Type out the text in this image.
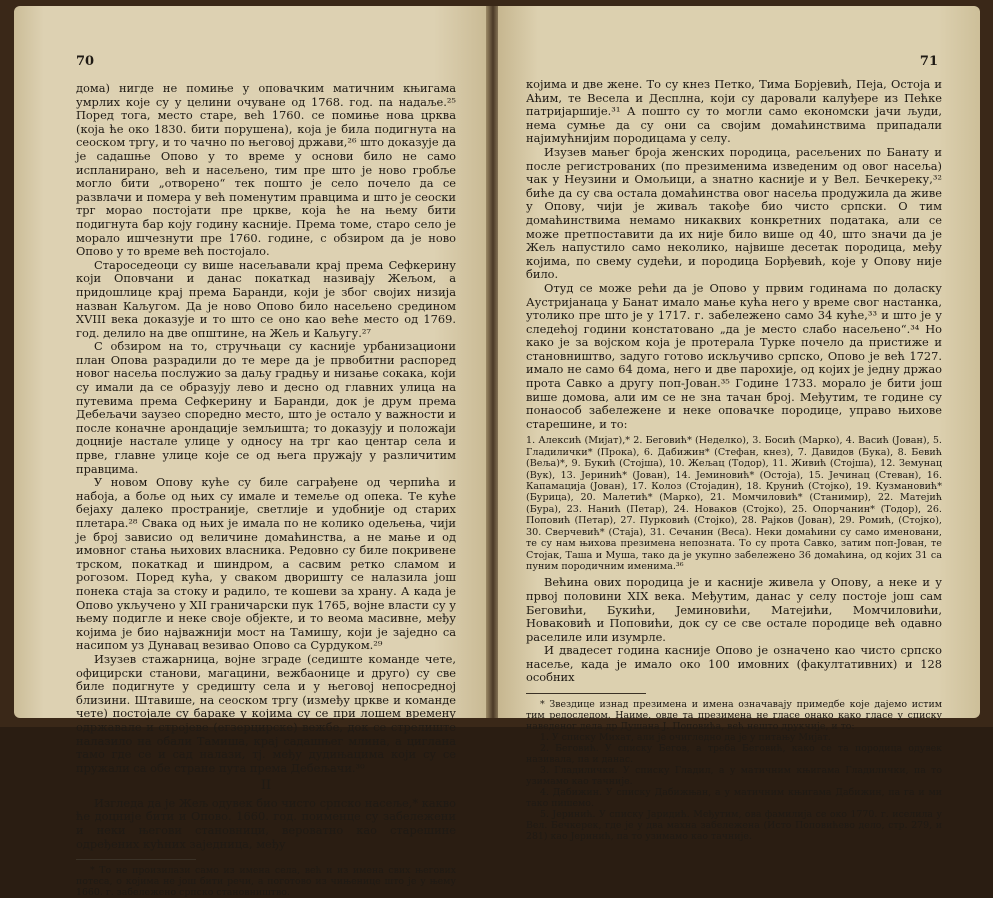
70

дома) нигде не помиње у оповачким матичним књигама умрлих које су у целини очуване од 1768. год. па надаље.²⁵ Поред тога, место старе, веh 1760. се помиње нова црква (која ће око 1830. бити порушена), која је била подигнута на сеоском тргу, и то чачно по његовој држави,²⁶ што доказује да је садашње Опово у то време у основи било не само испланирано, веh и насељено, тим пре што је ново гробље могло бити „отворено“ тек пошто је село почело да се развлачи и помера у већ поменутим правцима и што је сеоски трг морао постојати пре цркве, која ће на њему бити подигнута бар коју годину касније. Према томе, старо село је морало ишчезнути пре 1760. године, с обзиром да је ново Опово у то време већ постојало.

Староседеоци су више насељавали крај према Сефкерину који Оповчани и данас покаткад називају Жељом, а придошлице крај према Баранди, који је због својих низија назван Каљугом. Да је ново Опово било насељено средином XVIII века доказује и то што се оно као веће место од 1769. год. делило на две општине, на Жељ и Каљугу.²⁷

С обзиром на то, стручњаци су касније урбанизациони план Опова разрадили до те мере да је првобитни распоред новог насеља послужио за даљу градњу и низање сокака, који су имали да се образују лево и десно од главних улица на путевима према Сефкерину и Баранди, док је друм према Дебељачи заузео споредно место, што је остало у важности и после коначне арондације земљишта; то доказују и положаји доцније настале улице у односу на трг као центар села и прве, главне улице које се од њега пружају у различитим правцима.

У новом Опову куће су биле саграђене од черпића и набоја, а боље од њих су имале и темеље од опека. Те куће бејаху далеко пространије, светлије и удобније од старих плетара.²⁸ Свака од њих је имала по не колико одељења, чији је број зависио од величине домаћинства, а не мање и од имовног стања њихових власника. Редовно су биле покривене трском, покаткад и шиндром, а сасвим ретко сламом и рогозом. Поред кућа, у сваком дворишту се налазила још понека стаја за стоку и радило, те кошеви за храну. А када је Опово укључено у XII граничарски пук 1765, војне власти су у њему подигле и неке своје објекте, и то веома масивне, међу којима је био најважнији мост на Тамишу, који је заједно са насипом уз Дунавац везивао Опово са Сурдуком.²⁹

Изузев стажарница, војне зграде (седиште команде чете, официрски станови, магацини, вежбаонице и друго) су све биле подигнуте у средишту села и у његовој непосредној близини. Штавише, на сеоском тргу (између цркве и команде чете) постојале су бараке у којима су се при лошем времену одржавале и стројеве (егзерцирске) вежбе, док се стрелиште налазило на обали Тамиша, крај садашњег млина, а циглана тамо где се и сад налази, тј. међу дудињацима који су се пружали са обе стране пута према Дебељачи.³⁰

II

Изгледа да је Жељ одувек био чисто српско насеље,* какво ће доцније бити и Опово. 1660. год. поименце су забележени и неки његови становници, вероватно као старешине одређених кућних заједница, међу

* То не произилази само из имена села, већ и из имена свих његових потеса, о којима не још бити речи, а поготово из чињенице што је у њему 1660. г. забележено српско становништво.

71

којима и две жене. То су кнез Петко, Тима Борјевић, Пеја, Остоја и Аћим, те Весела и Десплна, који су даровали калуђере из Пећке патријаршије.³¹ А пошто су то могли само економски јачи људи, нема сумње да су они са својим домаћинствима припадали најимућнијим породицама у селу.

Изузев мањег броја женских породица, расељених по Банату и после регистрованих (по презименима изведеним од овог насеља) чак у Неузини и Омољици, а знатно касније и у Вел. Бечкереку,³² биће да су сва остала домаћинства овог насеља продужила да живе у Опову, чији је живаљ такође био чисто српски. О тим домаћинствима немамо никаквих конкретних података, али се може претпоставити да их није било више од 40, што значи да је Жељ напустило само неколико, највише десетак породица, међу којима, по свему судећи, и породица Борђевић, које у Опову није било.

Отуд се може рећи да је Опово у првим годинама по доласку Аустријанаца у Банат имало мање кућа него у време свог настанка, утолико пре што је у 1717. г. забележено само 34 куће,³³ и што је у следећој години констатовано „да је место слабо насељено“.³⁴ Но како је за војском која је протерала Турке почело да пристиже и становништво, задуго готово искључиво српско, Опово је већ 1727. имало не само 64 дома, него и две парохије, од којих је једну држао прота Савко а другу поп-Јован.³⁵ Године 1733. морало је бити још више домова, али им се не зна тачан број. Међутим, те године су понаособ забележене и неке оповачке породице, управо њихове старешине, и то:

1. Алексић (Мијат),* 2. Беговић* (Неделко), 3. Босић (Марко), 4. Васић (Јован), 5. Гладилички* (Прока), 6. Дабижин* (Стефан, кнез), 7. Давидов (Бука), 8. Бевић (Веља)*, 9. Букић (Стојша), 10. Жељац (Тодор), 11. Живић (Стојша), 12. Земунац (Вук), 13. Јеринић* (Јован), 14. Јеминовић* (Остоја), 15. Јечинац (Стеван), 16. Капамација (Јован), 17. Колоз (Стојадин), 18. Крунић (Стојко), 19. Кузмановић* (Бурица), 20. Малетић* (Марко), 21. Момчиловић* (Станимир), 22. Матејић (Бура), 23. Нанић (Петар), 24. Новаков (Стојко), 25. Опорчанин* (Тодор), 26. Поповић (Петар), 27. Пурковић (Стојко), 28. Рајков (Јован), 29. Ромић, (Стојко), 30. Сверчевић* (Стаја), 31. Сечанин (Веса). Неки домаћини су само именовани, те су нам њихова презимена непозната. То су прота Савко, затим поп-Јован, те Стојак, Таша и Муша, тако да је укупно забележено 36 домаћина, од којих 31 са пуним породичним именима.³⁶

Већина ових породица је и касније живела у Опову, а неке и у првој половини XIX века. Међутим, данас у селу постоје још сам Беговићи, Букићи, Јеминовићи, Матејићи, Момчиловићи, Новаковић и Поповићи, док су се све остале породице већ одавно раселиле или изумрле.

И двадесет година касније Опово је означено као чисто српско насеље, када је имало око 100 имовних (факултативних) и 128 особних

* Звездице изнад презимена и имена означавају примедбе које дајемо истим тим редоследом. Наиме, овде та презимена не гласе онако како гласе у списку наведеног дела др Душана Ј. Поповића, већ нешто друкчије, и то:

1. У списку Михат, али је очигледно да је у питању Мијат.

2. Беговић. У списку Бегов, а треба Беговић, како се та породица одувек називала, па и данас.

3. Гладилички. У списку Гладил, а у матичним књигама Гладилички, па то узимамо као тачније.

4. Дабижин. У списку Дабижњан, а у матичним књигама Дабижин, па га и ми тако пишемо.

5. Јеринић. У списку Јаридић. Међутим, ова фамилија се око 1770. г. иселила у Вел. Бечкерек, где је у два махна забележена (Исто Поповићево дело, стр. 279, и 281) као Јеринић, па то узимамо као тачније.
